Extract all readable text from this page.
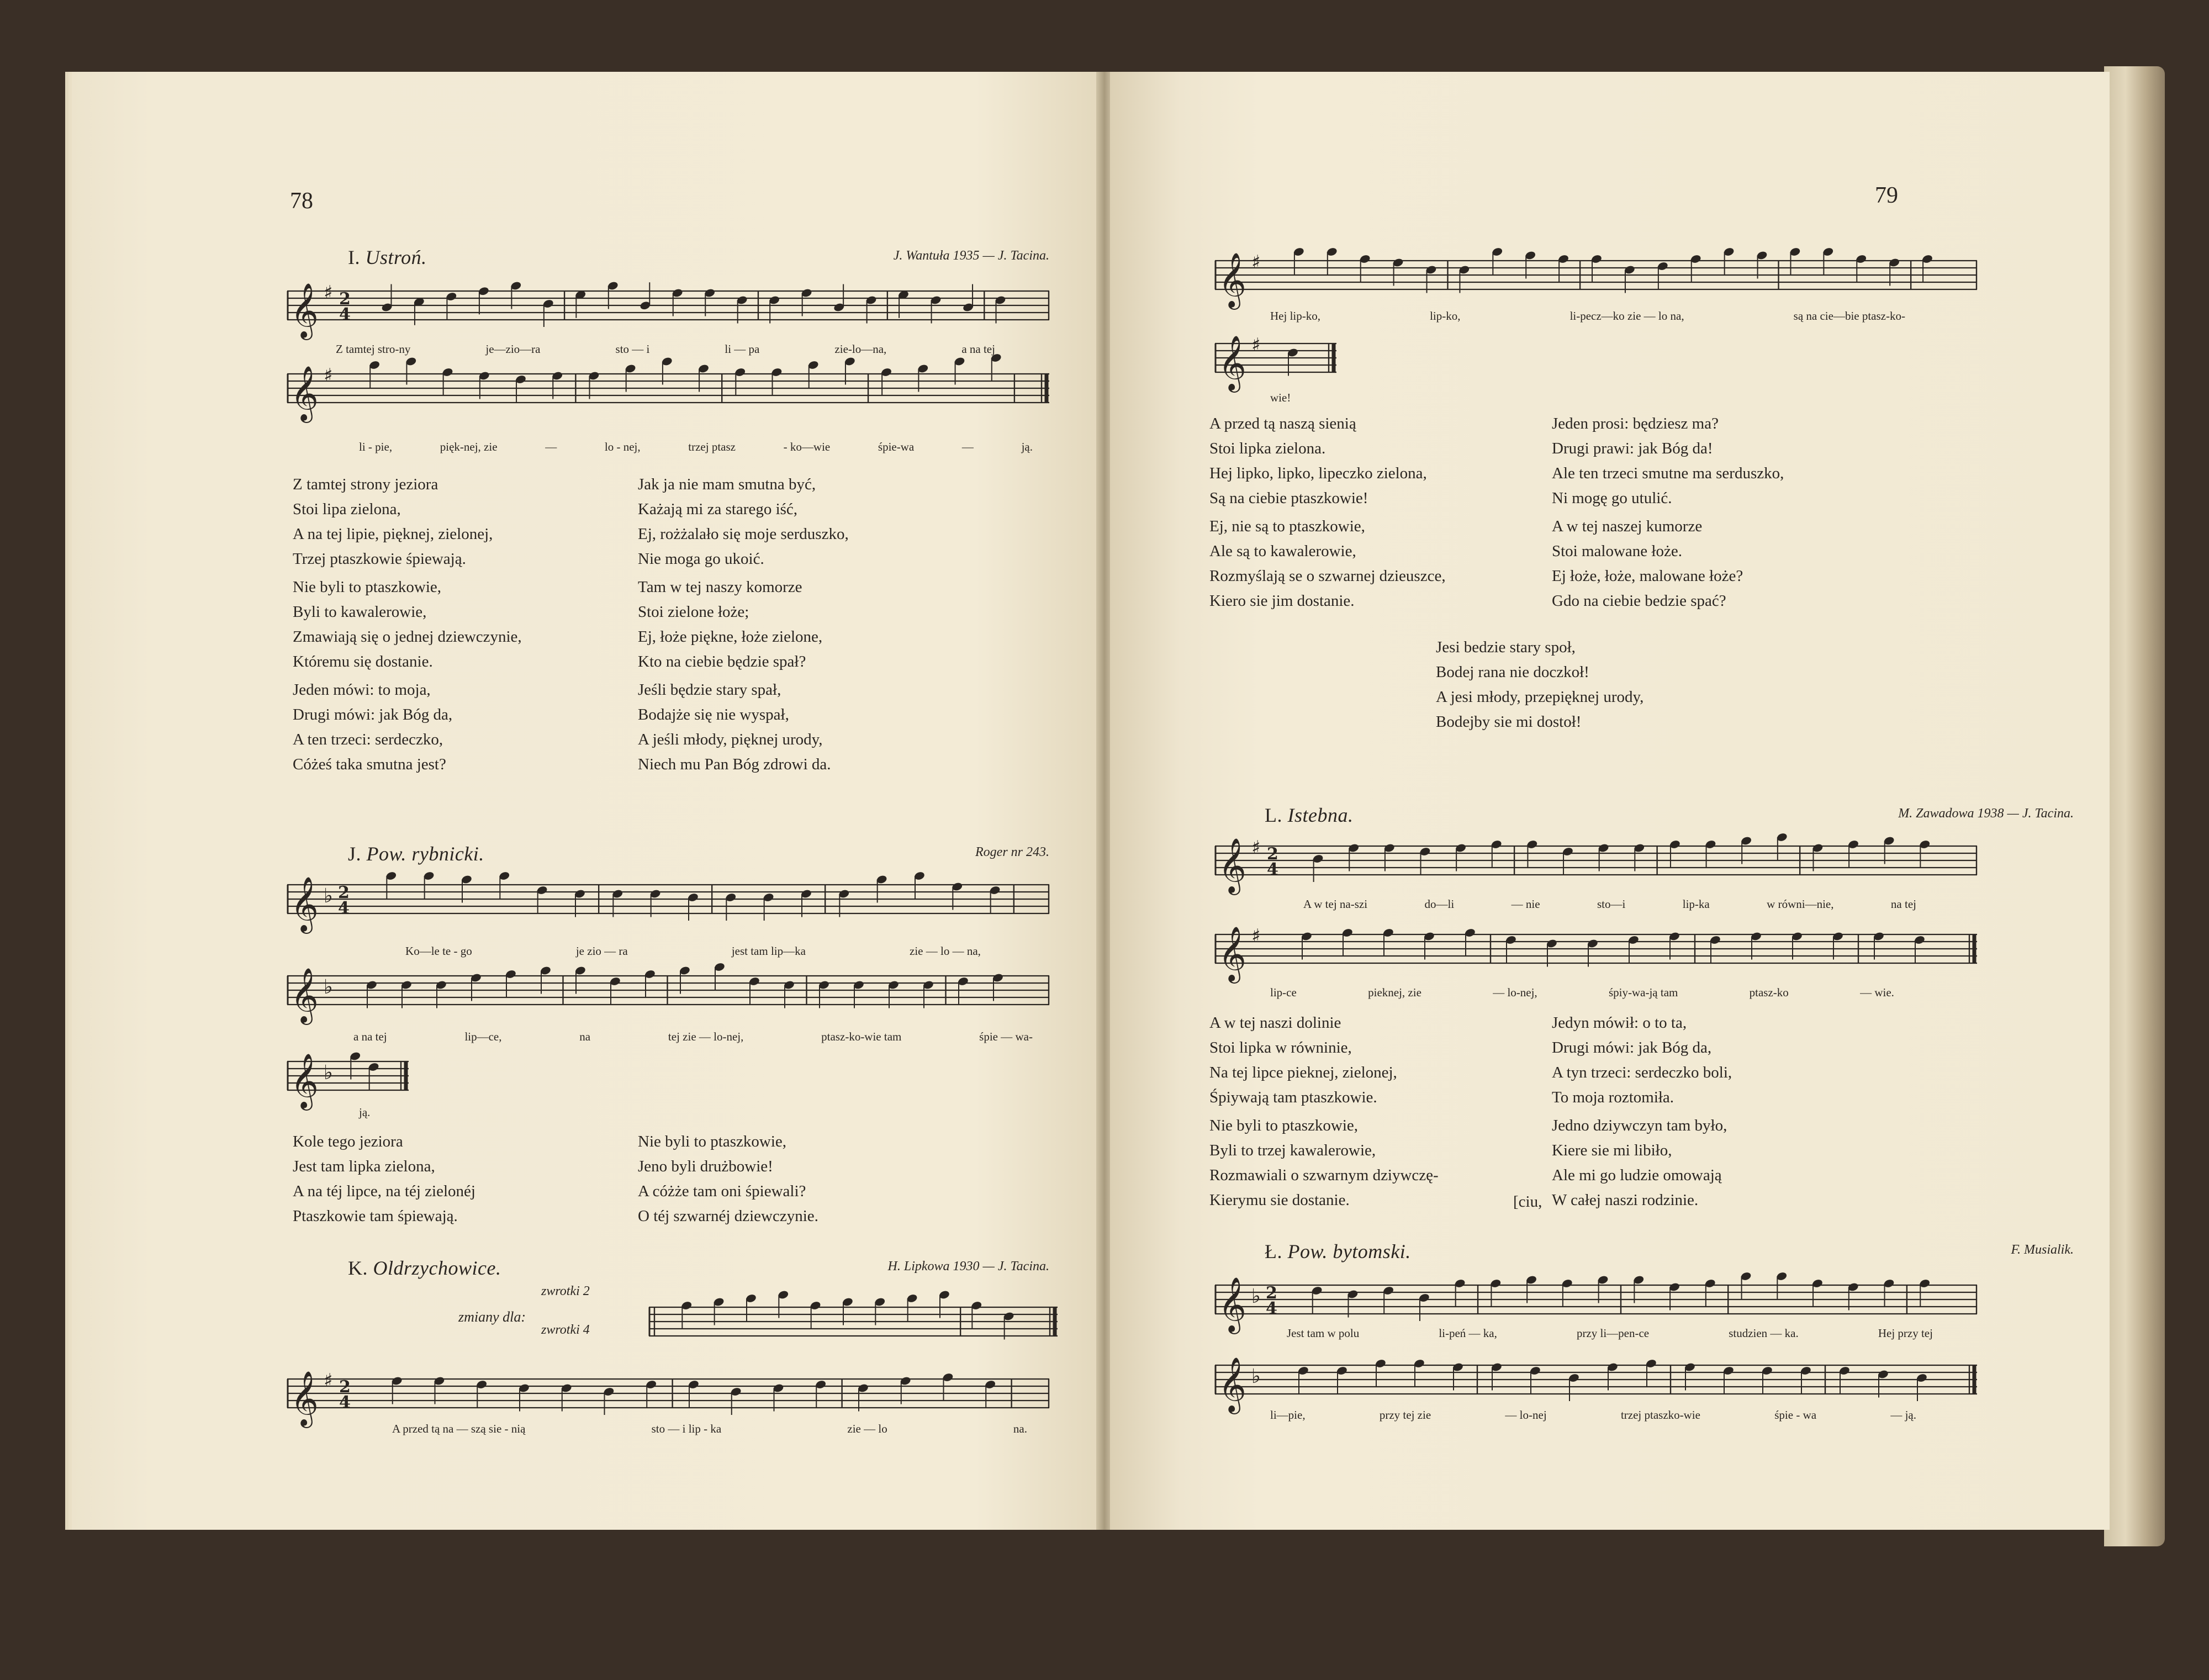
78
I. Ustroń.	J. Wantuła 1935 — J. Tacina.
𝄞 ♯ 2
4
Z tamtej stro-ny	je—zio—ra	sto — i	li — pa	zie-lo—na,	a na tej
𝄞 ♯
li - pie,	pięk-nej, zie	—	lo - nej,	trzej ptasz	- ko—wie	śpie-wa	—	ją.
Z tamtej strony jeziora
Stoi lipa zielona,
A na tej lipie, pięknej, zielonej,
Trzej ptaszkowie śpiewają.
Nie byli to ptaszkowie,
Byli to kawalerowie,
Zmawiają się o jednej dziewczynie,
Któremu się dostanie.
Jeden mówi: to moja,
Drugi mówi: jak Bóg da,
A ten trzeci: serdeczko,
Cóżeś taka smutna jest?
Jak ja nie mam smutna być,
Każają mi za starego iść,
Ej, rożżalało się moje serduszko,
Nie moga go ukoić.
Tam w tej naszy komorze
Stoi zielone łoże;
Ej, łoże piękne, łoże zielone,
Kto na ciebie będzie spał?
Jeśli będzie stary spał,
Bodajże się nie wyspał,
A jeśli młody, pięknej urody,
Niech mu Pan Bóg zdrowi da.
J. Pow. rybnicki.	Roger nr 243.
𝄞 ♭ 2
4
Ko—le te - go	je zio — ra	jest tam lip—ka	zie — lo — na,
𝄞 ♭
a na tej	lip—ce,	na	tej zie — lo-nej,	ptasz-ko-wie tam	śpie — wa-
𝄞 ♭
ją.
Kole tego jeziora
Jest tam lipka zielona,
A na téj lipce, na téj zielonéj
Ptaszkowie tam śpiewają.
Nie byli to ptaszkowie,
Jeno byli drużbowie!
A cóżże tam oni śpiewali?
O téj szwarnéj dziewczynie.
K. Oldrzychowice.	H. Lipkowa 1930 — J. Tacina.
zwrotki 2
zmiany dla:
zwrotki 4
𝄞 ♯ 2
4
A przed tą na — szą sie - nią	sto — i lip - ka	zie — lo	na.
79
𝄞 ♯
Hej lip-ko,	lip-ko,	li-pecz—ko zie — lo na,	są na cie—bie ptasz-ko-
𝄞 ♯
wie!
A przed tą naszą sienią
Stoi lipka zielona.
Hej lipko, lipko, lipeczko zielona,
Są na ciebie ptaszkowie!
Ej, nie są to ptaszkowie,
Ale są to kawalerowie,
Rozmyślają se o szwarnej dzieuszce,
Kiero sie jim dostanie.
Jeden prosi: będziesz ma?
Drugi prawi: jak Bóg da!
Ale ten trzeci smutne ma serduszko,
Ni mogę go utulić.
A w tej naszej kumorze
Stoi malowane łoże.
Ej łoże, łoże, malowane łoże?
Gdo na ciebie bedzie spać?
Jesi bedzie stary społ,
Bodej rana nie doczkoł!
A jesi młody, przepięknej urody,
Bodejby sie mi dostoł!
L. Istebna.	M. Zawadowa 1938 — J. Tacina.
𝄞 ♯ 2
4
A w tej na-szi	do—li	— nie	sto—i	lip-ka	w równi—nie,	na tej
𝄞 ♯
lip-ce	pieknej, zie	— lo-nej,	śpiy-wa-ją tam	ptasz-ko	— wie.
A w tej naszi dolinie
Stoi lipka w równinie,
Na tej lipce pieknej, zielonej,
Śpiywają tam ptaszkowie.
Nie byli to ptaszkowie,
Byli to trzej kawalerowie,
Rozmawiali o szwarnym dziywczę-
Kierymu sie dostanie.	[ciu,
Jedyn mówił: o to ta,
Drugi mówi: jak Bóg da,
A tyn trzeci: serdeczko boli,
To moja roztomiła.
Jedno dziywczyn tam było,
Kiere sie mi libiło,
Ale mi go ludzie omowają
W całej naszi rodzinie.
Ł. Pow. bytomski.	F. Musialik.
𝄞 ♭ 2
4
Jest tam w polu	li-peń — ka,	przy li—pen-ce	studzien — ka.	Hej przy tej
𝄞 ♭
li—pie,	przy tej zie	— lo-nej	trzej ptaszko-wie	śpie - wa	— ją.
